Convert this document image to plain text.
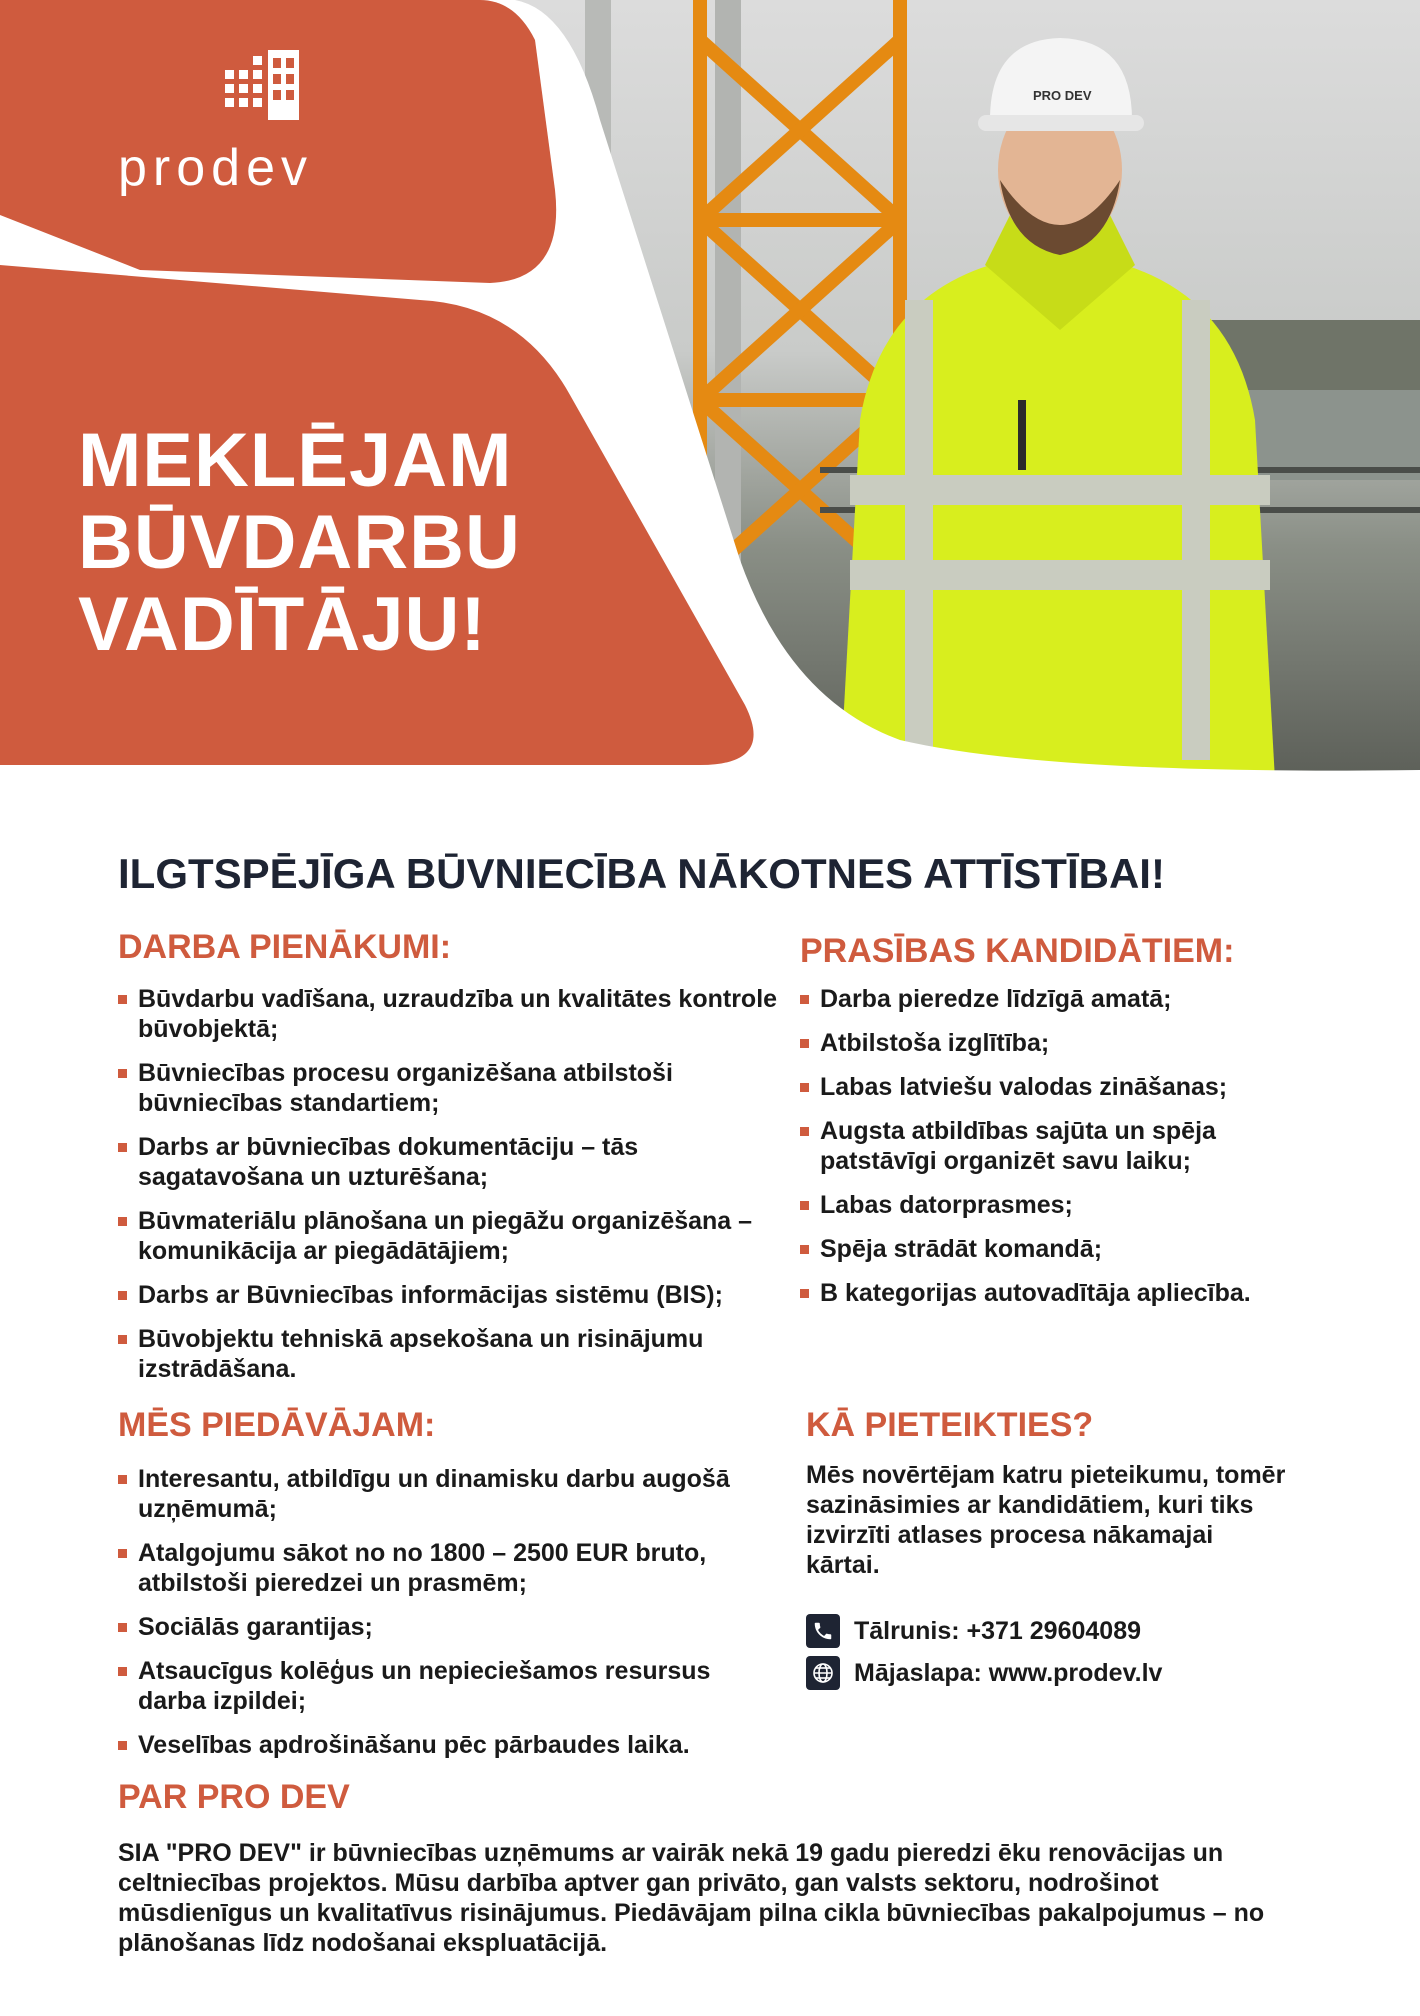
PRO DEV
prodev
MEKLĒJAM
BŪVDARBU
VADĪTĀJU!
ILGTSPĒJĪGA BŪVNIECĪBA NĀKOTNES ATTĪSTĪBAI!
DARBA PIENĀKUMI:
Būvdarbu vadīšana, uzraudzība un kvalitātes kontrole būvobjektā;
Būvniecības procesu organizēšana atbilstoši būvniecības standartiem;
Darbs ar būvniecības dokumentāciju – tās sagatavošana un uzturēšana;
Būvmateriālu plānošana un piegāžu organizēšana – komunikācija ar piegādātājiem;
Darbs ar Būvniecības informācijas sistēmu (BIS);
Būvobjektu tehniskā apsekošana un risinājumu izstrādāšana.
PRASĪBAS KANDIDĀTIEM:
Darba pieredze līdzīgā amatā;
Atbilstoša izglītība;
Labas latviešu valodas zināšanas;
Augsta atbildības sajūta un spēja patstāvīgi organizēt savu laiku;
Labas datorprasmes;
Spēja strādāt komandā;
B kategorijas autovadītāja apliecība.
MĒS PIEDĀVĀJAM:
Interesantu, atbildīgu un dinamisku darbu augošā uzņēmumā;
Atalgojumu sākot no no 1800 – 2500 EUR bruto, atbilstoši pieredzei un prasmēm;
Sociālās garantijas;
Atsaucīgus kolēģus un nepieciešamos resursus darba izpildei;
Veselības apdrošināšanu pēc pārbaudes laika.
KĀ PIETEIKTIES?
Mēs novērtējam katru pieteikumu, tomēr sazināsimies ar kandidātiem, kuri tiks izvirzīti atlases procesa nākamajai kārtai.
Tālrunis: +371 29604089
Mājaslapa: www.prodev.lv
PAR PRO DEV
SIA "PRO DEV" ir būvniecības uzņēmums ar vairāk nekā 19 gadu pieredzi ēku renovācijas un celtniecības projektos. Mūsu darbība aptver gan privāto, gan valsts sektoru, nodrošinot mūsdienīgus un kvalitatīvus risinājumus. Piedāvājam pilna cikla būvniecības pakalpojumus – no plānošanas līdz nodošanai ekspluatācijā.
